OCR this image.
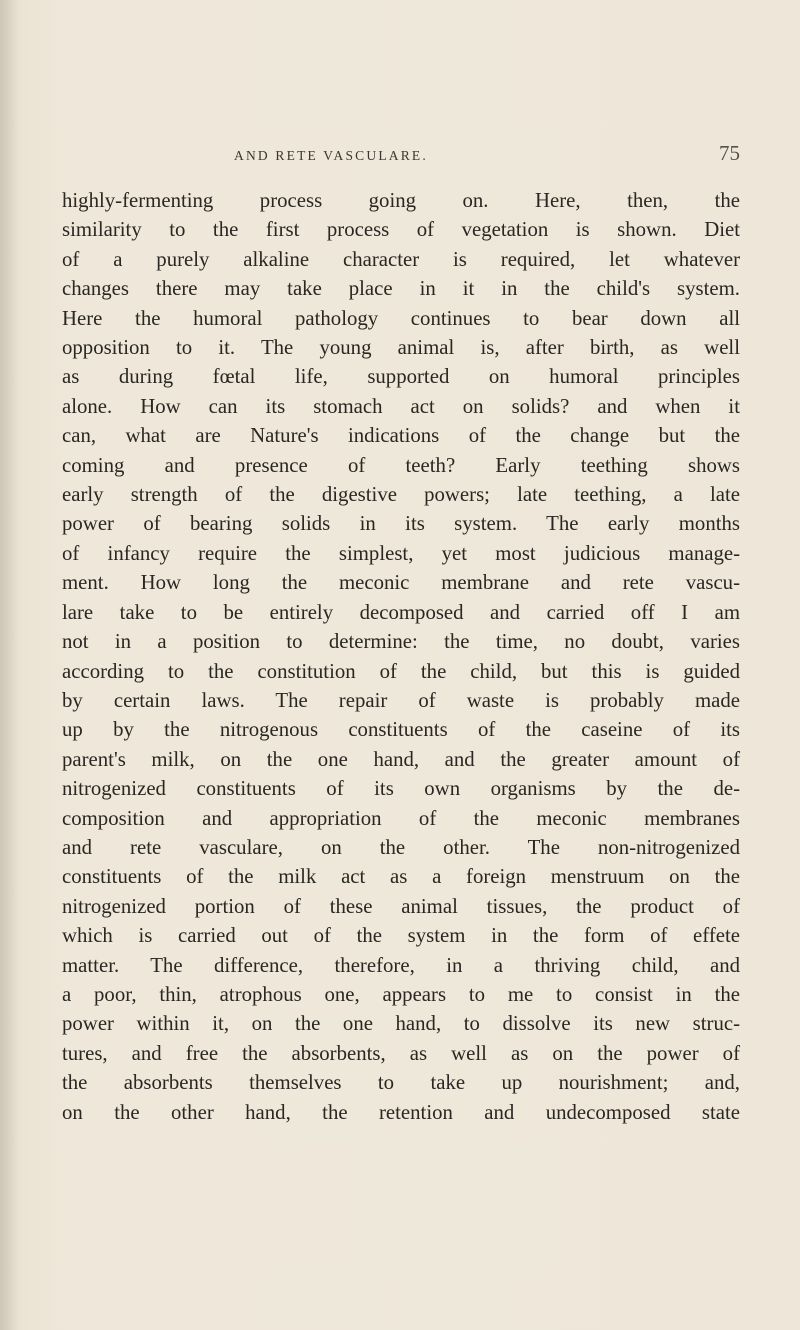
AND RETE VASCULARE.	75
highly-fermenting process going on. Here, then, the
similarity to the first process of vegetation is shown. Diet
of a purely alkaline character is required, let whatever
changes there may take place in it in the child's system.
Here the humoral pathology continues to bear down all
opposition to it. The young animal is, after birth, as well
as during fœtal life, supported on humoral principles
alone. How can its stomach act on solids? and when it
can, what are Nature's indications of the change but the
coming and presence of teeth? Early teething shows
early strength of the digestive powers; late teething, a late
power of bearing solids in its system. The early months
of infancy require the simplest, yet most judicious manage-
ment. How long the meconic membrane and rete vascu-
lare take to be entirely decomposed and carried off I am
not in a position to determine: the time, no doubt, varies
according to the constitution of the child, but this is guided
by certain laws. The repair of waste is probably made
up by the nitrogenous constituents of the caseine of its
parent's milk, on the one hand, and the greater amount of
nitrogenized constituents of its own organisms by the de-
composition and appropriation of the meconic membranes
and rete vasculare, on the other. The non-nitrogenized
constituents of the milk act as a foreign menstruum on the
nitrogenized portion of these animal tissues, the product of
which is carried out of the system in the form of effete
matter. The difference, therefore, in a thriving child, and
a poor, thin, atrophous one, appears to me to consist in the
power within it, on the one hand, to dissolve its new struc-
tures, and free the absorbents, as well as on the power of
the absorbents themselves to take up nourishment; and,
on the other hand, the retention and undecomposed state
